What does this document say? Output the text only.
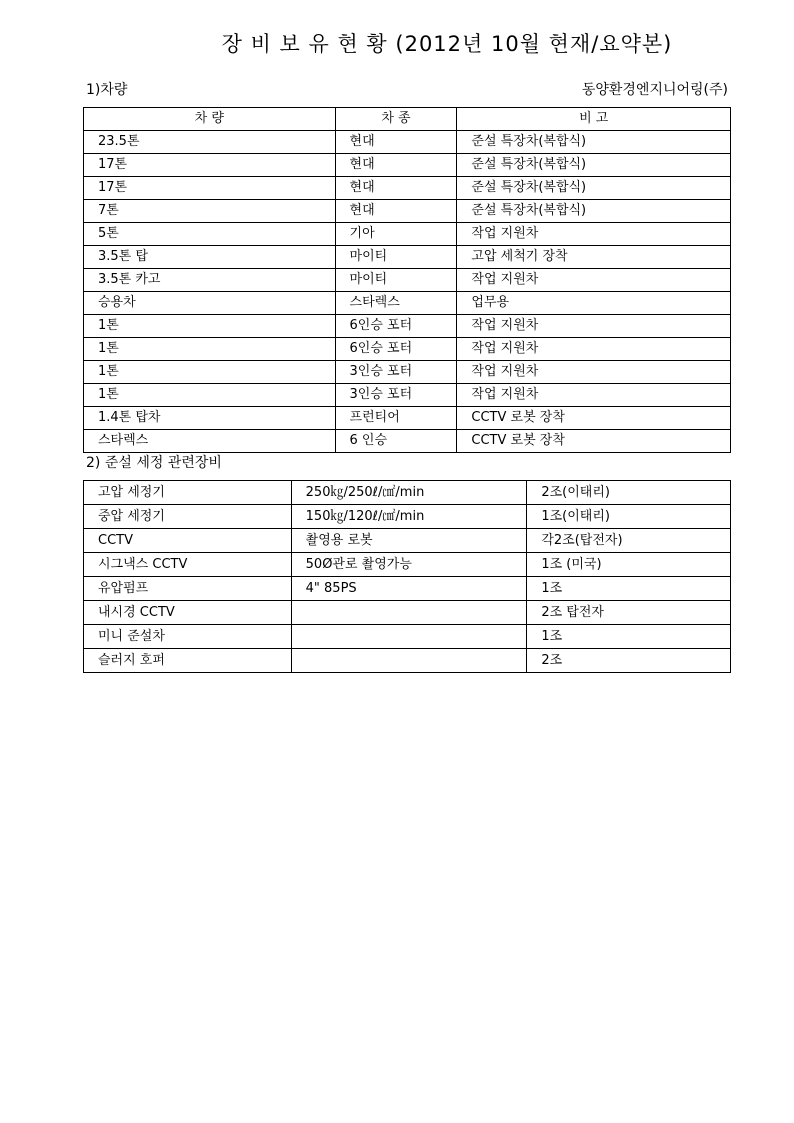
장 비 보 유 현 황 (2012년 10월 현재/요약본)
1)차량	동양환경엔지니어링(주)
차 량	차 종	비 고
23.5톤	현대	준설 특장차(복합식)
17톤	현대	준설 특장차(복합식)
17톤	현대	준설 특장차(복합식)
7톤	현대	준설 특장차(복합식)
5톤	기아	작업 지원차
3.5톤 탑	마이티	고압 세척기 장착
3.5톤 카고	마이티	작업 지원차
승용차	스타렉스	업무용
1톤	6인승 포터	작업 지원차
1톤	6인승 포터	작업 지원차
1톤	3인승 포터	작업 지원차
1톤	3인승 포터	작업 지원차
1.4톤 탑차	프런티어	CCTV 로봇 장착
스타렉스	6 인승	CCTV 로봇 장착
2) 준설 세정 관련장비
고압 세정기	250㎏/250ℓ/㎠/min	2조(이태리)
중압 세정기	150㎏/120ℓ/㎠/min	1조(이태리)
CCTV	촬영용 로봇	각2조(탑전자)
시그낵스 CCTV	50Ø관로 촬영가능	1조 (미국)
유압펌프	4" 85PS	1조
내시경 CCTV		2조 탑전자
미니 준설차		1조
슬러지 호퍼		2조
